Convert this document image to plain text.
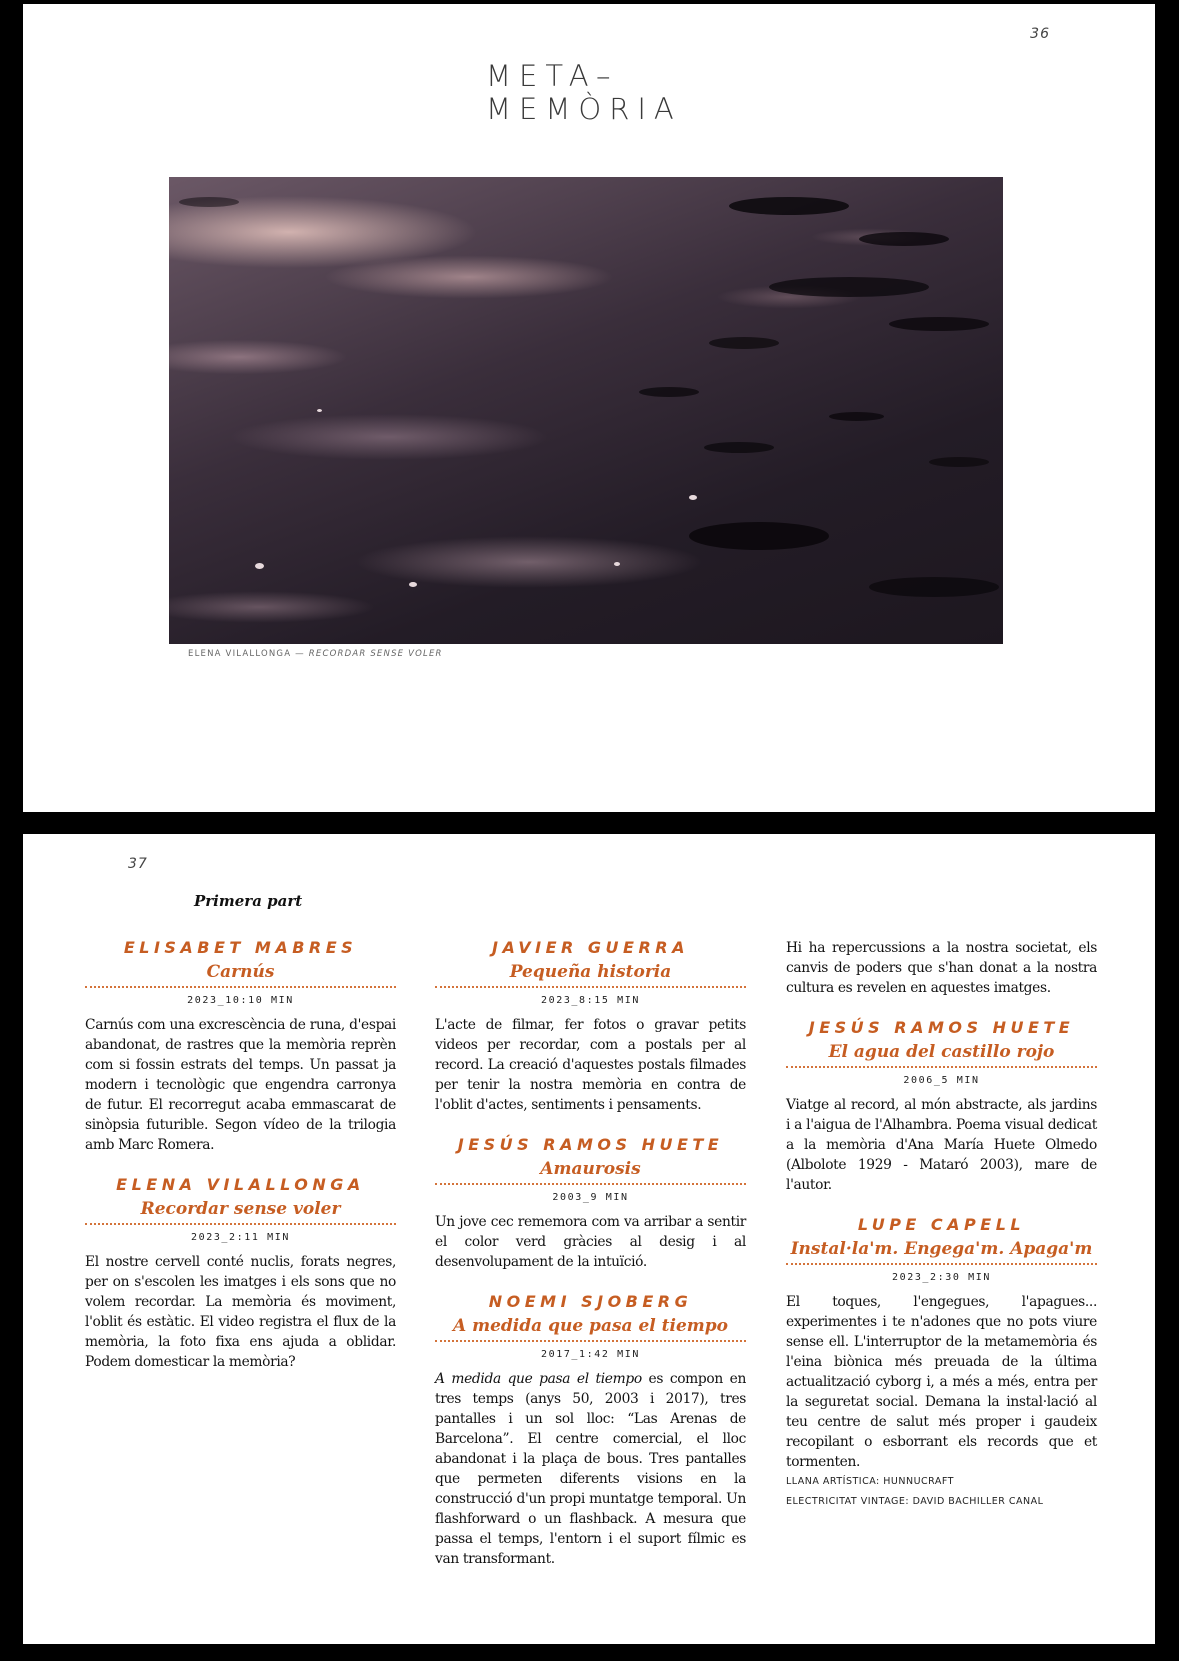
36
META–
MEMÒRIA
ELENA VILALLONGA — RECORDAR SENSE VOLER
37
Primera part
ELISABET MABRES
Carnús
2023_10:10 MIN
Carnús com una excrescència de runa, d'espai abandonat, de rastres que la memòria reprèn com si fossin estrats del temps. Un passat ja modern i tecnològic que engendra carronya de futur. El recorregut acaba emmascarat de sinòpsia futurible. Segon vídeo de la trilogia amb Marc Romera.
ELENA VILALLONGA
Recordar sense voler
2023_2:11 MIN
El nostre cervell conté nuclis, forats negres, per on s'escolen les imatges i els sons que no volem recordar. La memòria és moviment, l'oblit és estàtic. El video registra el flux de la memòria, la foto fixa ens ajuda a oblidar. Podem domesticar la memòria?
JAVIER GUERRA
Pequeña historia
2023_8:15 MIN
L'acte de filmar, fer fotos o gravar petits videos per recordar, com a postals per al record. La creació d'aquestes postals filmades per tenir la nostra memòria en contra de l'oblit d'actes, sentiments i pensaments.
JESÚS RAMOS HUETE
Amaurosis
2003_9 MIN
Un jove cec rememora com va arribar a sentir el color verd gràcies al desig i al desenvolupament de la intuïció.
NOEMI SJOBERG
A medida que pasa el tiempo
2017_1:42 MIN
A medida que pasa el tiempo es compon en tres temps (anys 50, 2003 i 2017), tres pantalles i un sol lloc: “Las Arenas de Barcelona”. El centre comercial, el lloc abandonat i la plaça de bous. Tres pantalles que permeten diferents visions en la construcció d'un propi muntatge temporal. Un flashforward o un flashback. A mesura que passa el temps, l'entorn i el suport fílmic es van transformant.
Hi ha repercussions a la nostra societat, els canvis de poders que s'han donat a la nostra cultura es revelen en aquestes imatges.
JESÚS RAMOS HUETE
El agua del castillo rojo
2006_5 MIN
Viatge al record, al món abstracte, als jardins i a l'aigua de l'Alhambra. Poema visual dedicat a la memòria d'Ana María Huete Olmedo (Albolote 1929 - Mataró 2003), mare de l'autor.
LUPE CAPELL
Instal·la'm. Engega'm. Apaga'm
2023_2:30 MIN
El toques, l'engegues, l'apagues... experimentes i te n'adones que no pots viure sense ell. L'interruptor de la metamemòria és l'eina biònica més preuada de la última actualització cyborg i, a més a més, entra per la seguretat social. Demana la instal·lació al teu centre de salut més proper i gaudeix recopilant o esborrant els records que et tormenten.
LLANA ARTÍSTICA: HUNNUCRAFT
ELECTRICITAT VINTAGE: DAVID BACHILLER CANAL
